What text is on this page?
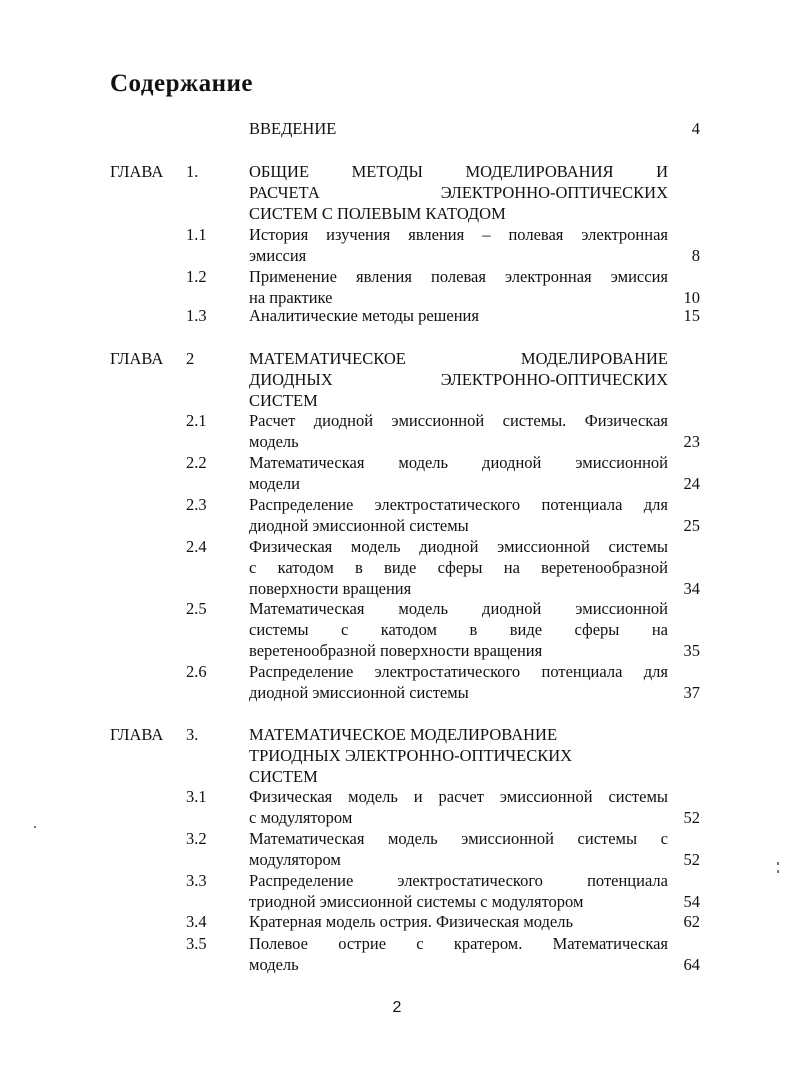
Содержание
ВВЕДЕНИЕ	4
ГЛАВА 1.	ОБЩИЕ МЕТОДЫ МОДЕЛИРОВАНИЯ И
РАСЧЕТА ЭЛЕКТРОННО-ОПТИЧЕСКИХ
СИСТЕМ С ПОЛЕВЫМ КАТОДОМ
1.1	История изучения явления – полевая электронная
эмиссия	8
1.2	Применение явления полевая электронная эмиссия
на практике	10
1.3	Аналитические методы решения	15
ГЛАВА 2	МАТЕМАТИЧЕСКОЕ МОДЕЛИРОВАНИЕ
ДИОДНЫХ ЭЛЕКТРОННО-ОПТИЧЕСКИХ
СИСТЕМ
2.1	Расчет диодной эмиссионной системы. Физическая
модель	23
2.2	Математическая модель диодной эмиссионной
модели	24
2.3	Распределение электростатического потенциала для
диодной эмиссионной системы	25
2.4	Физическая модель диодной эмиссионной системы
с катодом в виде сферы на веретенообразной
поверхности вращения	34
2.5	Математическая модель диодной эмиссионной
системы с катодом в виде сферы на
веретенообразной поверхности вращения	35
2.6	Распределение электростатического потенциала для
диодной эмиссионной системы	37
ГЛАВА 3.	МАТЕМАТИЧЕСКОЕ МОДЕЛИРОВАНИЕ
ТРИОДНЫХ ЭЛЕКТРОННО-ОПТИЧЕСКИХ
СИСТЕМ
3.1	Физическая модель и расчет эмиссионной системы
с модулятором	52
3.2	Математическая модель эмиссионной системы с
модулятором	52
3.3	Распределение электростатического потенциала
триодной эмиссионной системы с модулятором	54
3.4	Кратерная модель острия. Физическая модель	62
3.5	Полевое острие с кратером. Математическая
модель	64
2
